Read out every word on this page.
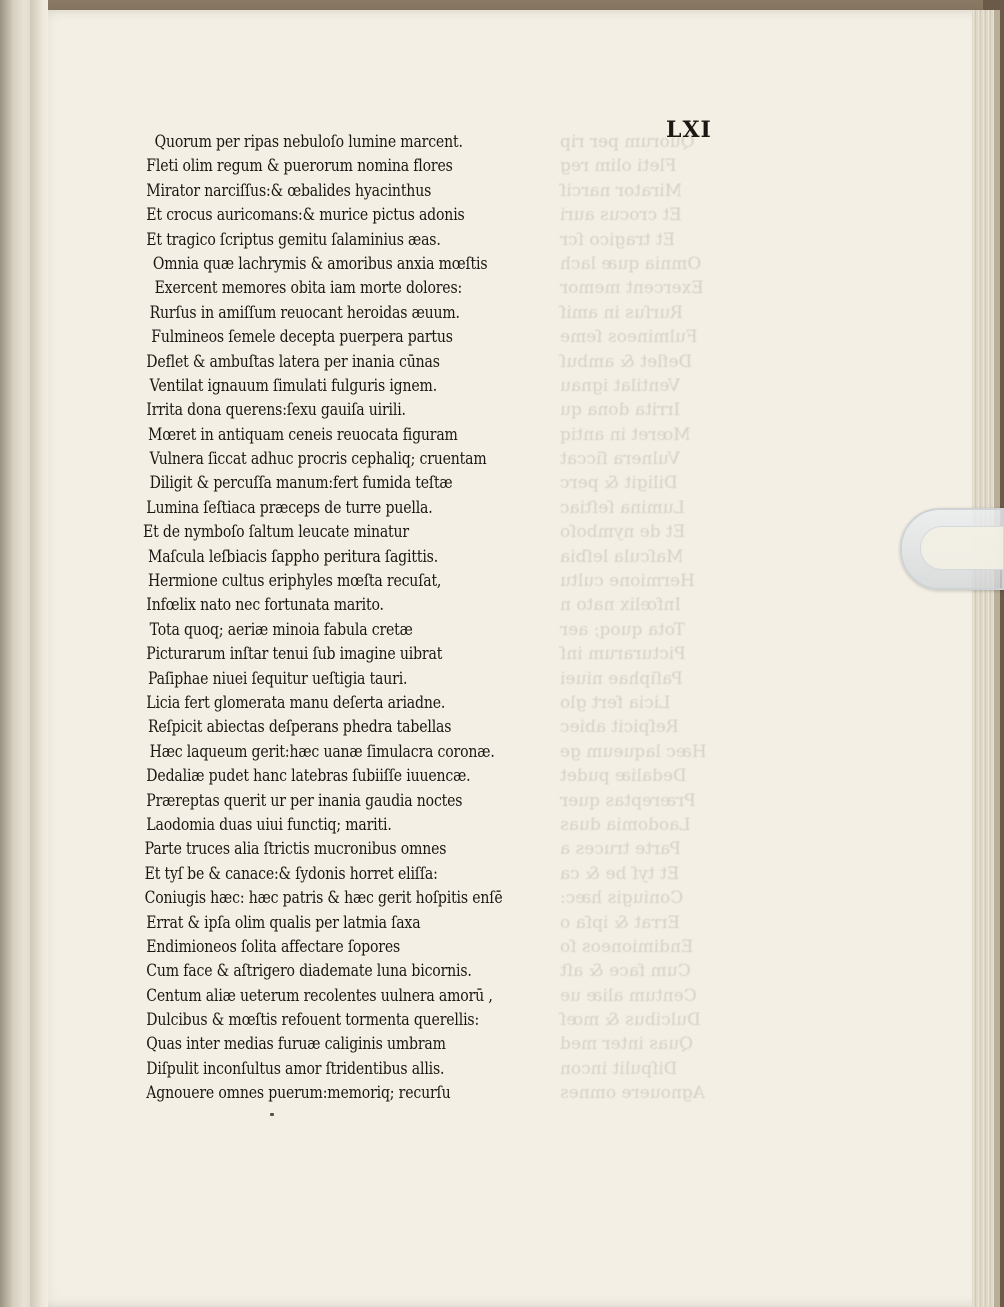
LXI
Quorum per ripas nebuloſo lumine marcent.
Fleti olim regum & puerorum nomina flores
Mirator narciſſus:& œbalides hyacinthus
Et crocus auricomans:& murice pictus adonis
Et tragico ſcriptus gemitu ſalaminius æas.
Omnia quæ lachrymis & amoribus anxia mœſtis
Exercent memores obita iam morte dolores:
Rurſus in amiſſum reuocant heroidas æuum.
Fulmineos ſemele decepta puerpera partus
Deflet & ambuſtas latera per inania cūnas
Ventilat ignauum ſimulati fulguris ignem.
Irrita dona querens:ſexu gauiſa uirili.
Mœret in antiquam ceneis reuocata figuram
Vulnera ſiccat adhuc procris cephaliq; cruentam
Diligit & percuſſa manum:fert fumida teſtæ
Lumina ſeſtiaca præceps de turre puella.
Et de nymboſo ſaltum leucate minatur
Maſcula leſbiacis ſappho peritura ſagittis.
Hermione cultus eriphyles mœſta recuſat,
Infœlix nato nec fortunata marito.
Tota quoq; aeriæ minoia fabula cretæ
Picturarum inſtar tenui ſub imagine uibrat
Paſiphae niuei ſequitur ueſtigia tauri.
Licia fert glomerata manu deſerta ariadne.
Reſpicit abiectas deſperans phedra tabellas
Hæc laqueum gerit:hæc uanæ ſimulacra coronæ.
Dedaliæ pudet hanc latebras ſubiiſſe iuuencæ.
Præreptas querit ur per inania gaudia noctes
Laodomia duas uiui functiq; mariti.
Parte truces alia ſtrictis mucronibus omnes
Et tyſ be & canace:& ſydonis horret eliſſa:
Coniugis hæc: hæc patris & hæc gerit hoſpitis enſē
Errat & ipſa olim qualis per latmia ſaxa
Endimioneos ſolita affectare ſopores
Cum face & aſtrigero diademate luna bicornis.
Centum aliæ ueterum recolentes uulnera amorū ,
Dulcibus & mœſtis refouent tormenta querellis:
Quas inter medias furuæ caliginis umbram
Diſpulit inconſultus amor ſtridentibus allis.
Agnouere omnes puerum:memoriq; recurſu
